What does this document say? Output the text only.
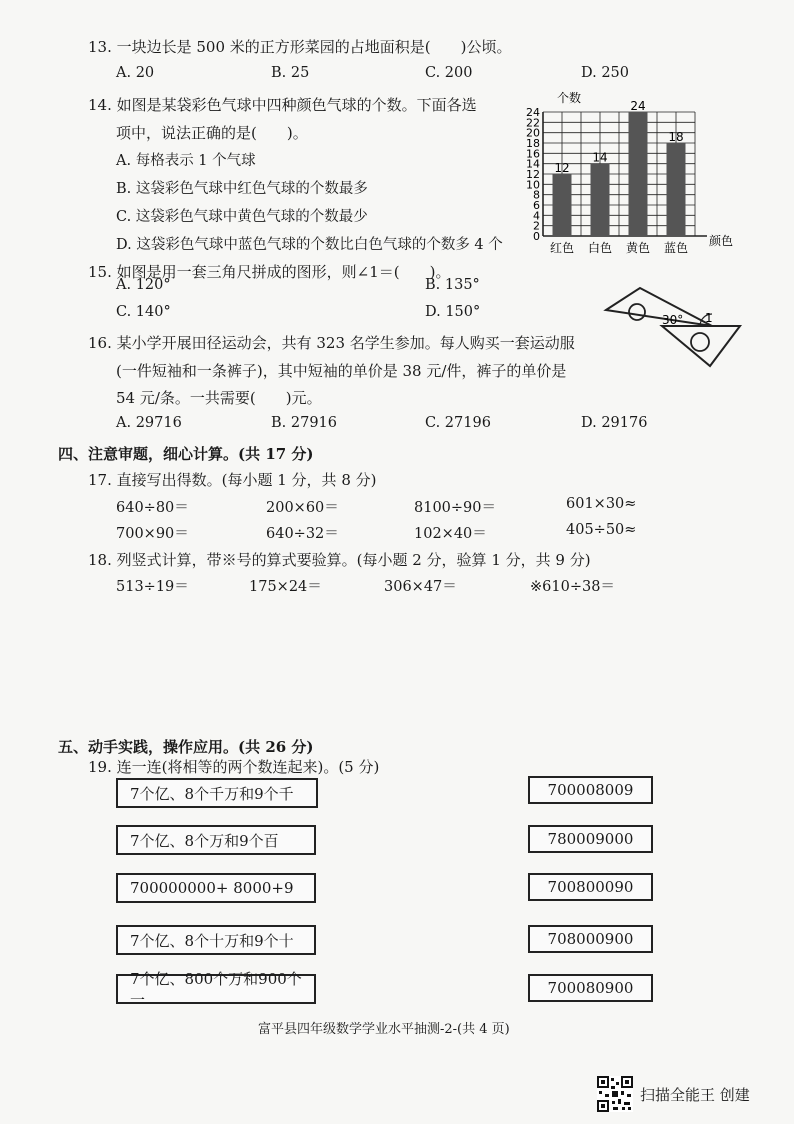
13. 一块边长是 500 米的正方形菜园的占地面积是(　　)公顷。
A. 20	B. 25	C. 200	D. 250
14. 如图是某袋彩色气球中四种颜色气球的个数。下面各选
项中，说法正确的是(　　)。
A. 每格表示 1 个气球
B. 这袋彩色气球中红色气球的个数最多
C. 这袋彩色气球中黄色气球的个数最少
D. 这袋彩色气球中蓝色气球的个数比白色气球的个数多 4 个
0
2
4
6
8
10
12
14
16
18
20
22
24
12
红色
14
白色
24
黄色
18
蓝色
个数
颜色
15. 如图是用一套三角尺拼成的图形，则∠1＝(　　)。
A. 120°	B. 135°
C. 140°	D. 150°	30° 1
16. 某小学开展田径运动会，共有 323 名学生参加。每人购买一套运动服
(一件短袖和一条裤子)，其中短袖的单价是 38 元/件，裤子的单价是
54 元/条。一共需要(　　)元。
A. 29716	B. 27916	C. 27196	D. 29176
四、注意审题，细心计算。(共 17 分)
17. 直接写出得数。(每小题 1 分，共 8 分)
640÷80＝	200×60＝	8100÷90＝	601×30≈
700×90＝	640÷32＝	102×40＝	405÷50≈
18. 列竖式计算，带※号的算式要验算。(每小题 2 分，验算 1 分，共 9 分)
513÷19＝	175×24＝	306×47＝	※610÷38＝
五、动手实践，操作应用。(共 26 分)
19. 连一连(将相等的两个数连起来)。(5 分)
7个亿、8个千万和9个千
7个亿、8个万和9个百
700000000+ 8000+9
7个亿、8个十万和9个十
7个亿、800个万和900个一
700008009
780009000
700800090
708000900
700080900
富平县四年级数学学业水平抽测-2-(共 4 页)
扫描全能王 创建
